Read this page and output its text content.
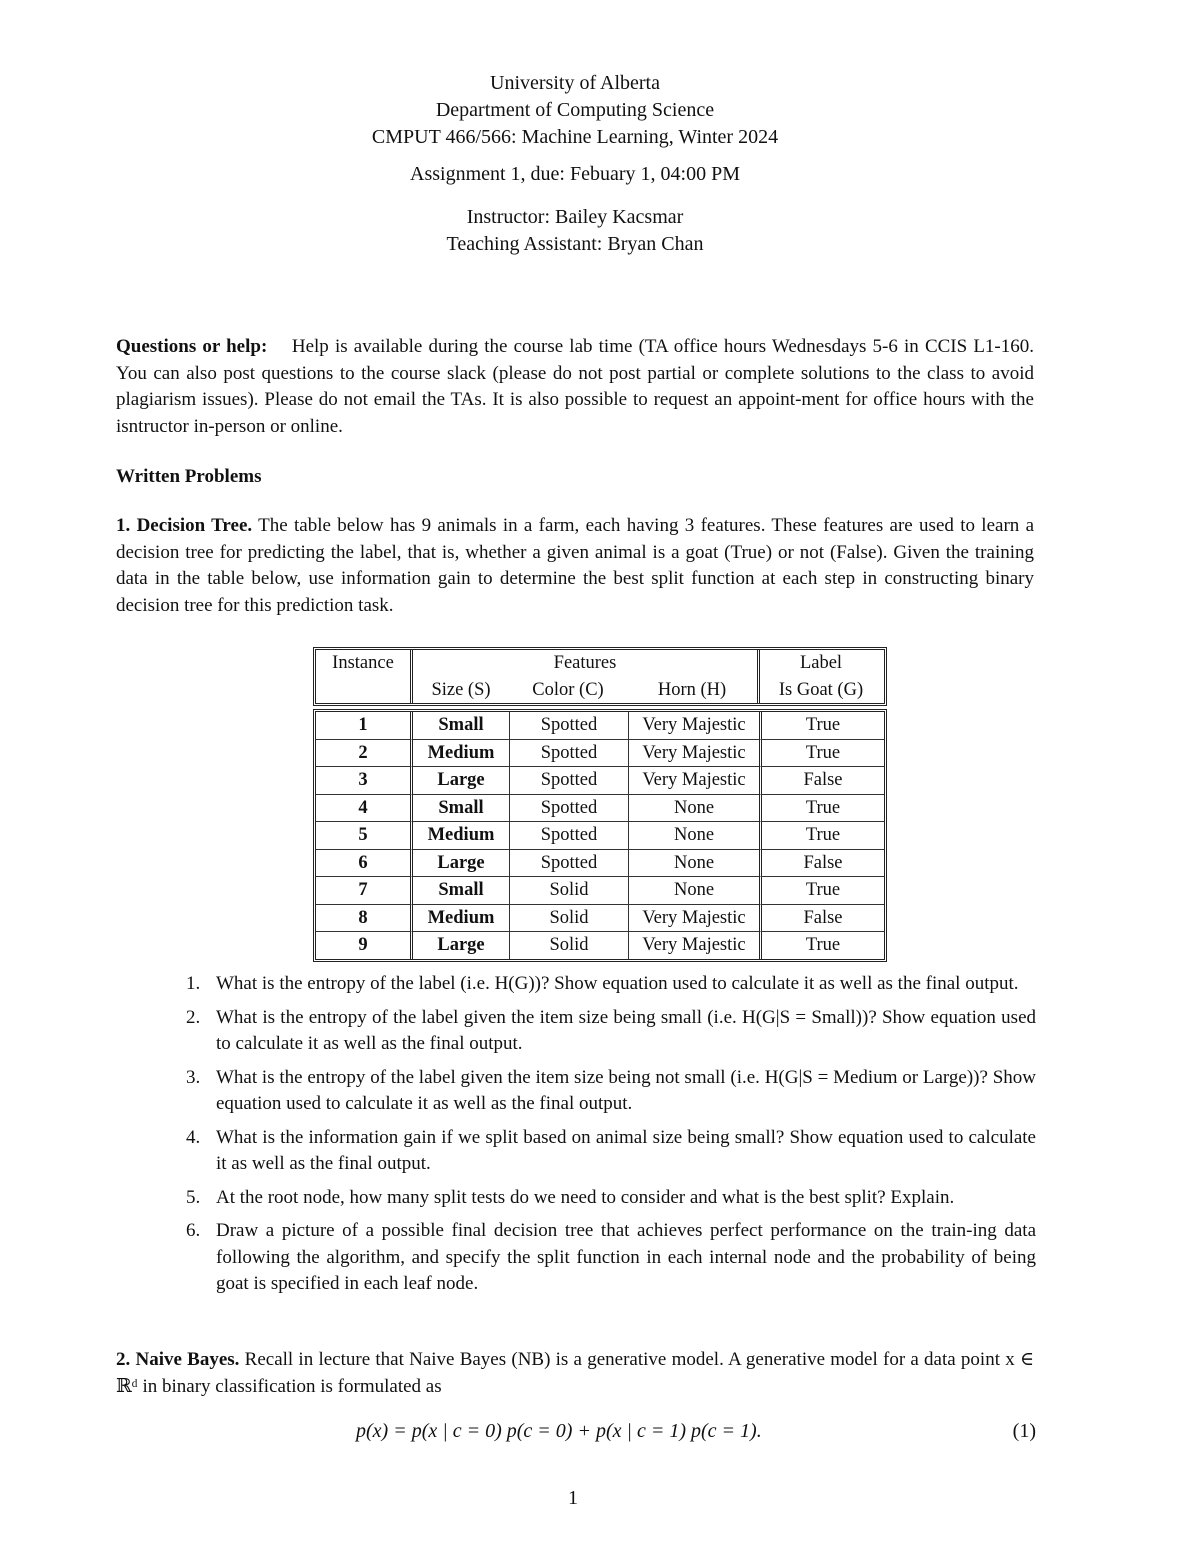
University of Alberta
Department of Computing Science
CMPUT 466/566: Machine Learning, Winter 2024
Assignment 1, due: Febuary 1, 04:00 PM
Instructor: Bailey Kacsmar
Teaching Assistant: Bryan Chan
Questions or help: Help is available during the course lab time (TA office hours Wednesdays 5-6 in CCIS L1-160. You can also post questions to the course slack (please do not post partial or complete solutions to the class to avoid plagiarism issues). Please do not email the TAs. It is also possible to request an appoint-ment for office hours with the isntructor in-person or online.
Written Problems
1. Decision Tree. The table below has 9 animals in a farm, each having 3 features. These features are used to learn a decision tree for predicting the label, that is, whether a given animal is a goat (True) or not (False). Given the training data in the table below, use information gain to determine the best split function at each step in constructing binary decision tree for this prediction task.
Instance	Features			Label
	Size (S)	Color (C)	Horn (H)	Is Goat (G)
1	Small	Spotted	Very Majestic	True
2	Medium	Spotted	Very Majestic	True
3	Large	Spotted	Very Majestic	False
4	Small	Spotted	None	True
5	Medium	Spotted	None	True
6	Large	Spotted	None	False
7	Small	Solid	None	True
8	Medium	Solid	Very Majestic	False
9	Large	Solid	Very Majestic	True
1. What is the entropy of the label (i.e. H(G))? Show equation used to calculate it as well as the final output.
2. What is the entropy of the label given the item size being small (i.e. H(G|S = Small))? Show equation used to calculate it as well as the final output.
3. What is the entropy of the label given the item size being not small (i.e. H(G|S = Medium or Large))? Show equation used to calculate it as well as the final output.
4. What is the information gain if we split based on animal size being small? Show equation used to calculate it as well as the final output.
5. At the root node, how many split tests do we need to consider and what is the best split? Explain.
6. Draw a picture of a possible final decision tree that achieves perfect performance on the train-ing data following the algorithm, and specify the split function in each internal node and the probability of being goat is specified in each leaf node.
2. Naive Bayes. Recall in lecture that Naive Bayes (NB) is a generative model. A generative model for a data point x ∈ ℝᵈ in binary classification is formulated as
p(x) = p(x | c = 0) p(c = 0) + p(x | c = 1) p(c = 1).	(1)
1
